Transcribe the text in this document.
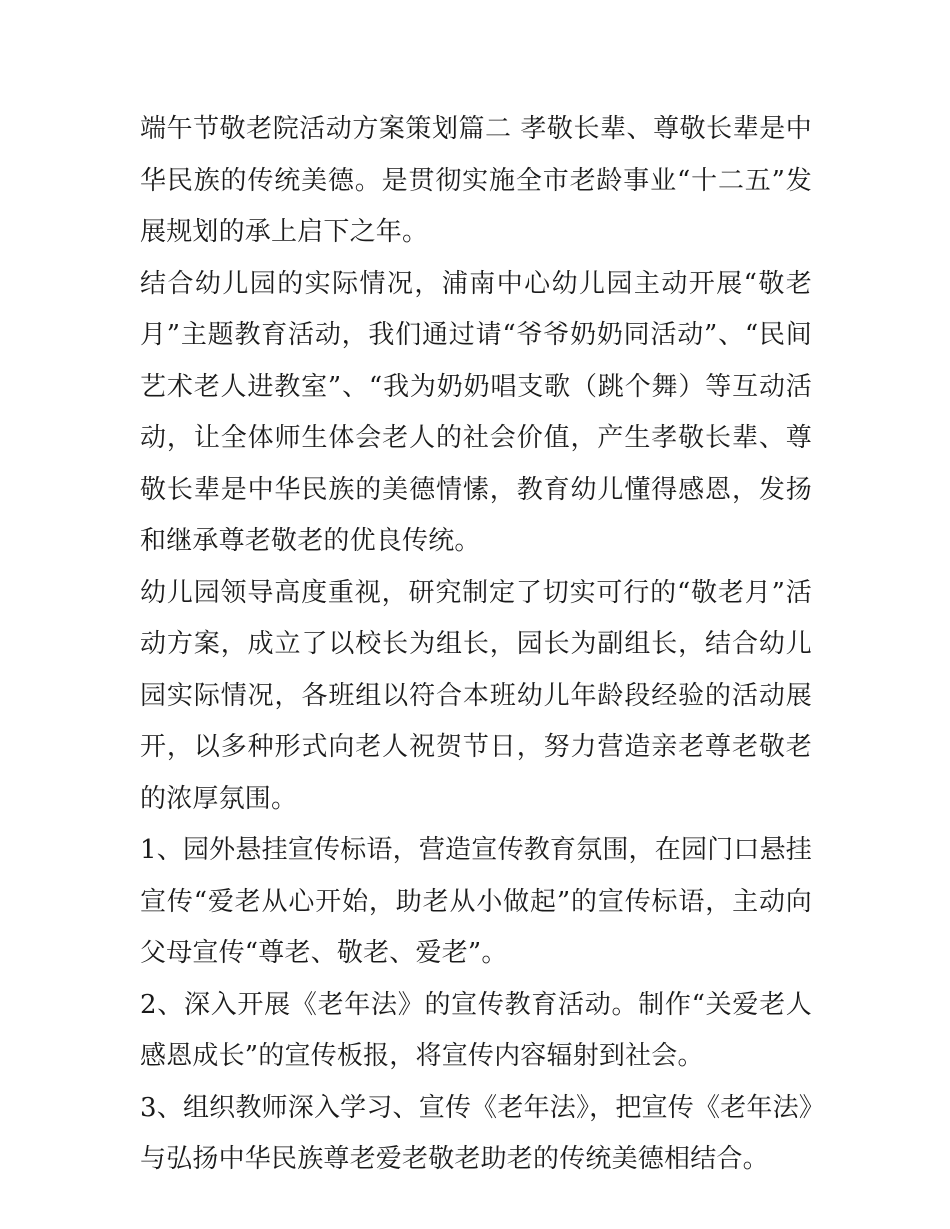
端午节敬老院活动方案策划篇二 孝敬长辈、尊敬长辈是中华民族的传统美德。是贯彻实施全市老龄事业“十二五”发展规划的承上启下之年。

结合幼儿园的实际情况，浦南中心幼儿园主动开展“敬老月”主题教育活动，我们通过请“爷爷奶奶同活动”、“民间艺术老人进教室”、“我为奶奶唱支歌（跳个舞）等互动活动，让全体师生体会老人的社会价值，产生孝敬长辈、尊敬长辈是中华民族的美德情愫，教育幼儿懂得感恩，发扬和继承尊老敬老的优良传统。

幼儿园领导高度重视，研究制定了切实可行的“敬老月”活动方案，成立了以校长为组长，园长为副组长，结合幼儿园实际情况，各班组以符合本班幼儿年龄段经验的活动展开，以多种形式向老人祝贺节日，努力营造亲老尊老敬老的浓厚氛围。

1、园外悬挂宣传标语，营造宣传教育氛围，在园门口悬挂宣传“爱老从心开始，助老从小做起”的宣传标语，主动向父母宣传“尊老、敬老、爱老”。

2、深入开展《老年法》的宣传教育活动。制作“关爱老人 感恩成长”的宣传板报，将宣传内容辐射到社会。

3、组织教师深入学习、宣传《老年法》，把宣传《老年法》与弘扬中华民族尊老爱老敬老助老的传统美德相结合。
